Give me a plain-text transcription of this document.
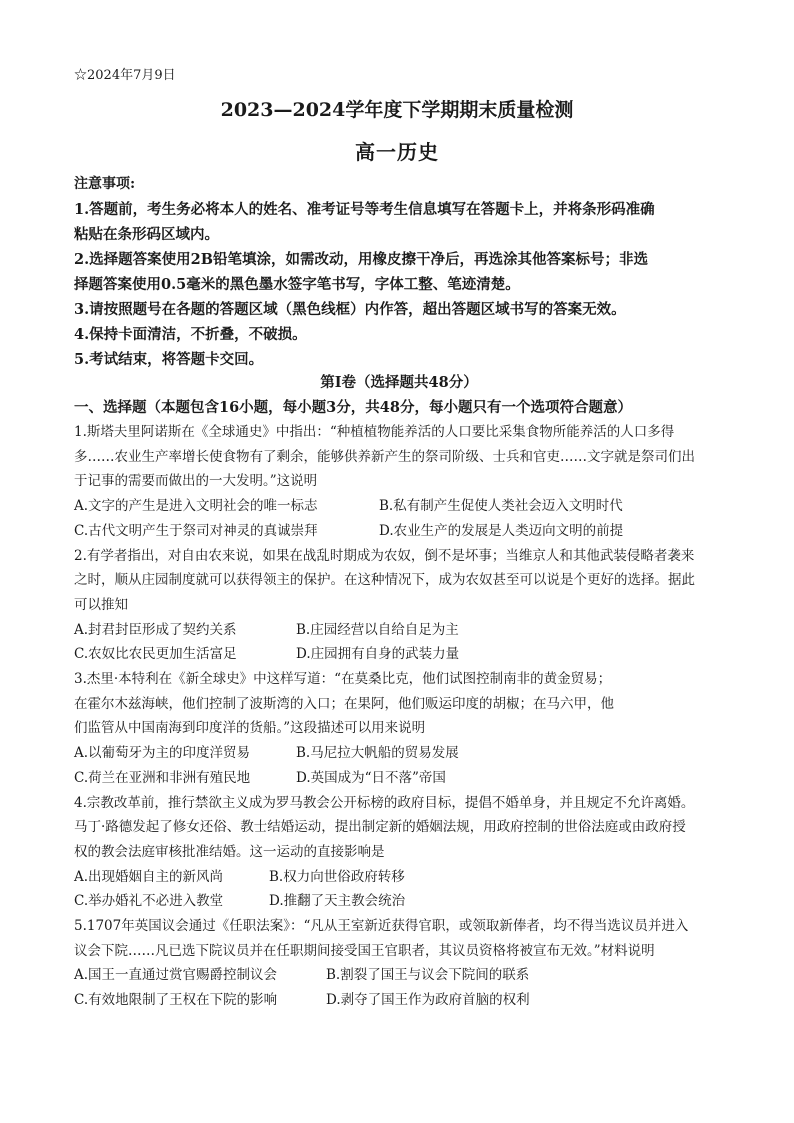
☆2024年7月9日
2023—2024学年度下学期期末质量检测
高一历史
注意事项:
1.答题前，考生务必将本人的姓名、准考证号等考生信息填写在答题卡上，并将条形码准确
粘贴在条形码区域内。
2.选择题答案使用2B铅笔填涂，如需改动，用橡皮擦干净后，再选涂其他答案标号；非选
择题答案使用0.5毫米的黑色墨水签字笔书写，字体工整、笔迹清楚。
3.请按照题号在各题的答题区域（黑色线框）内作答，超出答题区域书写的答案无效。
4.保持卡面清洁，不折叠，不破损。
5.考试结束，将答题卡交回。
第Ⅰ卷（选择题共48分）
一、选择题（本题包含16小题，每小题3分，共48分，每小题只有一个选项符合题意）
1.斯塔夫里阿诺斯在《全球通史》中指出：“种植植物能养活的人口要比采集食物所能养活的人口多得
多……农业生产率增长使食物有了剩余，能够供养新产生的祭司阶级、士兵和官吏……文字就是祭司们出
于记事的需要而做出的一大发明。”这说明
A.文字的产生是进入文明社会的唯一标志	B.私有制产生促使人类社会迈入文明时代
C.古代文明产生于祭司对神灵的真诚崇拜	D.农业生产的发展是人类迈向文明的前提
2.有学者指出，对自由农来说，如果在战乱时期成为农奴，倒不是坏事；当维京人和其他武装侵略者袭来
之时，顺从庄园制度就可以获得领主的保护。在这种情况下，成为农奴甚至可以说是个更好的选择。据此
可以推知
A.封君封臣形成了契约关系	B.庄园经营以自给自足为主
C.农奴比农民更加生活富足	D.庄园拥有自身的武装力量
3.杰里·本特利在《新全球史》中这样写道：“在莫桑比克，他们试图控制南非的黄金贸易；
在霍尔木兹海峡，他们控制了波斯湾的入口；在果阿，他们贩运印度的胡椒；在马六甲，他
们监管从中国南海到印度洋的货船。”这段描述可以用来说明
A.以葡萄牙为主的印度洋贸易	B.马尼拉大帆船的贸易发展
C.荷兰在亚洲和非洲有殖民地	D.英国成为“日不落”帝国
4.宗教改革前，推行禁欲主义成为罗马教会公开标榜的政府目标，提倡不婚单身，并且规定不允许离婚。
马丁·路德发起了修女还俗、教士结婚运动，提出制定新的婚姻法规，用政府控制的世俗法庭或由政府授
权的教会法庭审核批准结婚。这一运动的直接影响是
A.出现婚姻自主的新风尚	B.权力向世俗政府转移
C.举办婚礼不必进入教堂	D.推翻了天主教会统治
5.1707年英国议会通过《任职法案》：“凡从王室新近获得官职，或领取新俸者，均不得当选议员并进入
议会下院……凡已选下院议员并在任职期间接受国王官职者，其议员资格将被宣布无效。”材料说明
A.国王一直通过赏官赐爵控制议会	B.割裂了国王与议会下院间的联系
C.有效地限制了王权在下院的影响	D.剥夺了国王作为政府首脑的权利
